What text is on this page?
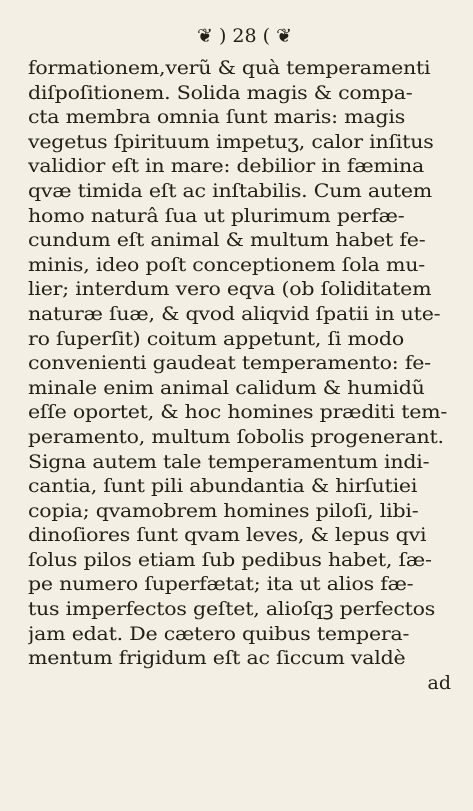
❦ ) 28 ( ❦
formationem,verũ & quà temperamenti
diſpoſitionem. Solida magis & compa-
cta membra omnia ſunt maris: magis
vegetus ſpirituum impetuʒ, calor inſitus
validior eſt in mare: debilior in fæmina
qvæ timida eſt ac inſtabilis. Cum autem
homo naturâ ſua ut plurimum perfæ-
cundum eſt animal & multum habet fe-
minis, ideo poſt conceptionem ſola mu-
lier; interdum vero eqva (ob ſoliditatem
naturæ ſuæ, & qvod aliqvid ſpatii in ute-
ro ſuperſit) coitum appetunt, ſi modo
convenienti gaudeat temperamento: fe-
minale enim animal calidum & humidũ
eſſe oportet, & hoc homines præditi tem-
peramento, multum ſobolis progenerant.
Signa autem tale temperamentum indi-
cantia, ſunt pili abundantia & hirſutiei
copia; qvamobrem homines piloſi, libi-
dinoſiores ſunt qvam leves, & lepus qvi
ſolus pilos etiam ſub pedibus habet, ſæ-
pe numero ſuperfætat; ita ut alios fæ-
tus imperfectos geſtet, alioſqꝫ perfectos
jam edat. De cætero quibus tempera-
mentum frigidum eſt ac ſiccum valdè
ad
